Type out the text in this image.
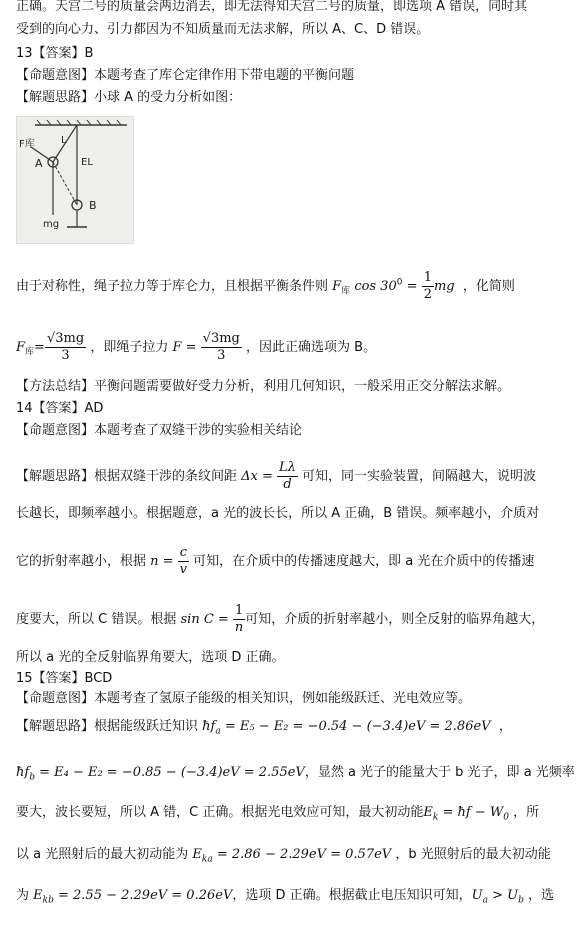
正确。天宫二号的质量会两边消去，即无法得知天宫二号的质量，即选项 A 错误，同时其
受到的向心力、引力都因为不知质量而无法求解，所以 A、C、D 错误。
13【答案】B
【命题意图】本题考查了库仑定律作用下带电题的平衡问题
【解题思路】小球 A 的受力分析如图：
F库
A
L
EL
mg
B
由于对称性，绳子拉力等于库仑力，且根据平衡条件则 $F_库$ $\cos 30^0 = \frac{1}{2}$ mg ，化简则
$F_库= \frac{√3mg}{3}$ ，即绳子拉力 $F = \frac{√3mg}{3}$ ，因此正确选项为 B。
【方法总结】平衡问题需要做好受力分析，利用几何知识，一般采用正交分解法求解。
14【答案】AD
【命题意图】本题考查了双缝干涉的实验相关结论
【解题思路】根据双缝干涉的条纹间距 $\Delta x = \frac{L\lambda}{d}$ 可知，同一实验装置，间隔越大，说明波
长越长，即频率越小。根据题意，a 光的波长长，所以 A 正确，B 错误。频率越小，介质对
它的折射率越小，根据 $n = \frac{c}{v}$ 可知，在介质中的传播速度越大，即 a 光在介质中的传播速
度要大，所以 C 错误。根据 $\sin C = \frac{1}{n}$ 可知，介质的折射率越小，则全反射的临界角越大，
所以 a 光的全反射临界角要大，选项 D 正确。
15【答案】BCD
【命题意图】本题考查了氢原子能级的相关知识，例如能级跃迁、光电效应等。
【解题思路】根据能级跃迁知识 $ħf_a = E_5 - E_2 = -0.54 - (-3.4)eV = 2.86eV$ ，
$ħf_b = E_4 - E_2 = -0.85 - (-3.4)eV = 2.55eV$，显然 a 光子的能量大于 b 光子，即 a 光频率
要大，波长要短，所以 A 错，C 正确。根据光电效应可知，最大初动能$E_k$ = ħf − $W_0$ ，所
以 a 光照射后的最大初动能为 $E_{ka} = 2.86 - 2.29eV = 0.57eV$ ，b 光照射后的最大初动能
为 $E_{kb} = 2.55 - 2.29eV = 0.26eV$，选项 D 正确。根据截止电压知识可知，$U_a > U_b$ ，选
